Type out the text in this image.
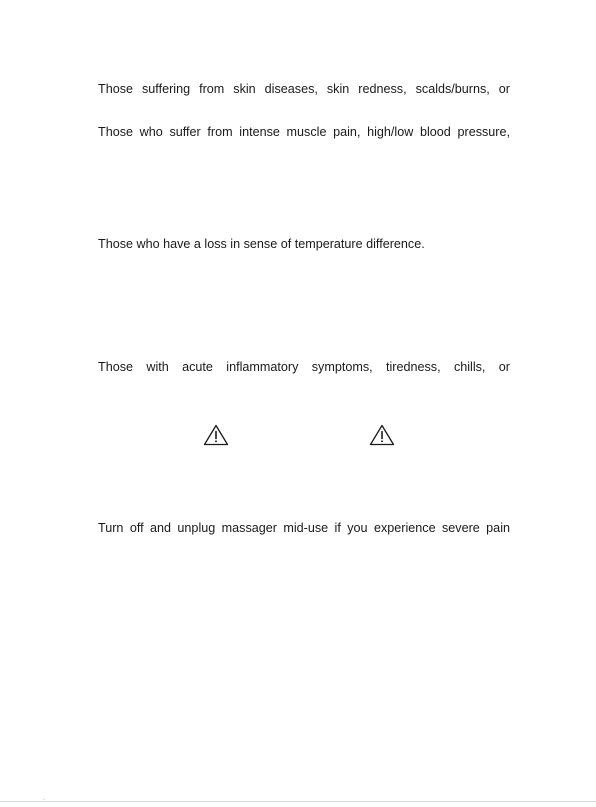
Those suffering from skin diseases, skin redness, scalds/burns, or
Those who suffer from intense muscle pain, high/low blood pressure,
Those who have a loss in sense of temperature difference.
Those with acute inflammatory symptoms, tiredness, chills, or
Turn off and unplug massager mid-use if you experience severe pain
˙
